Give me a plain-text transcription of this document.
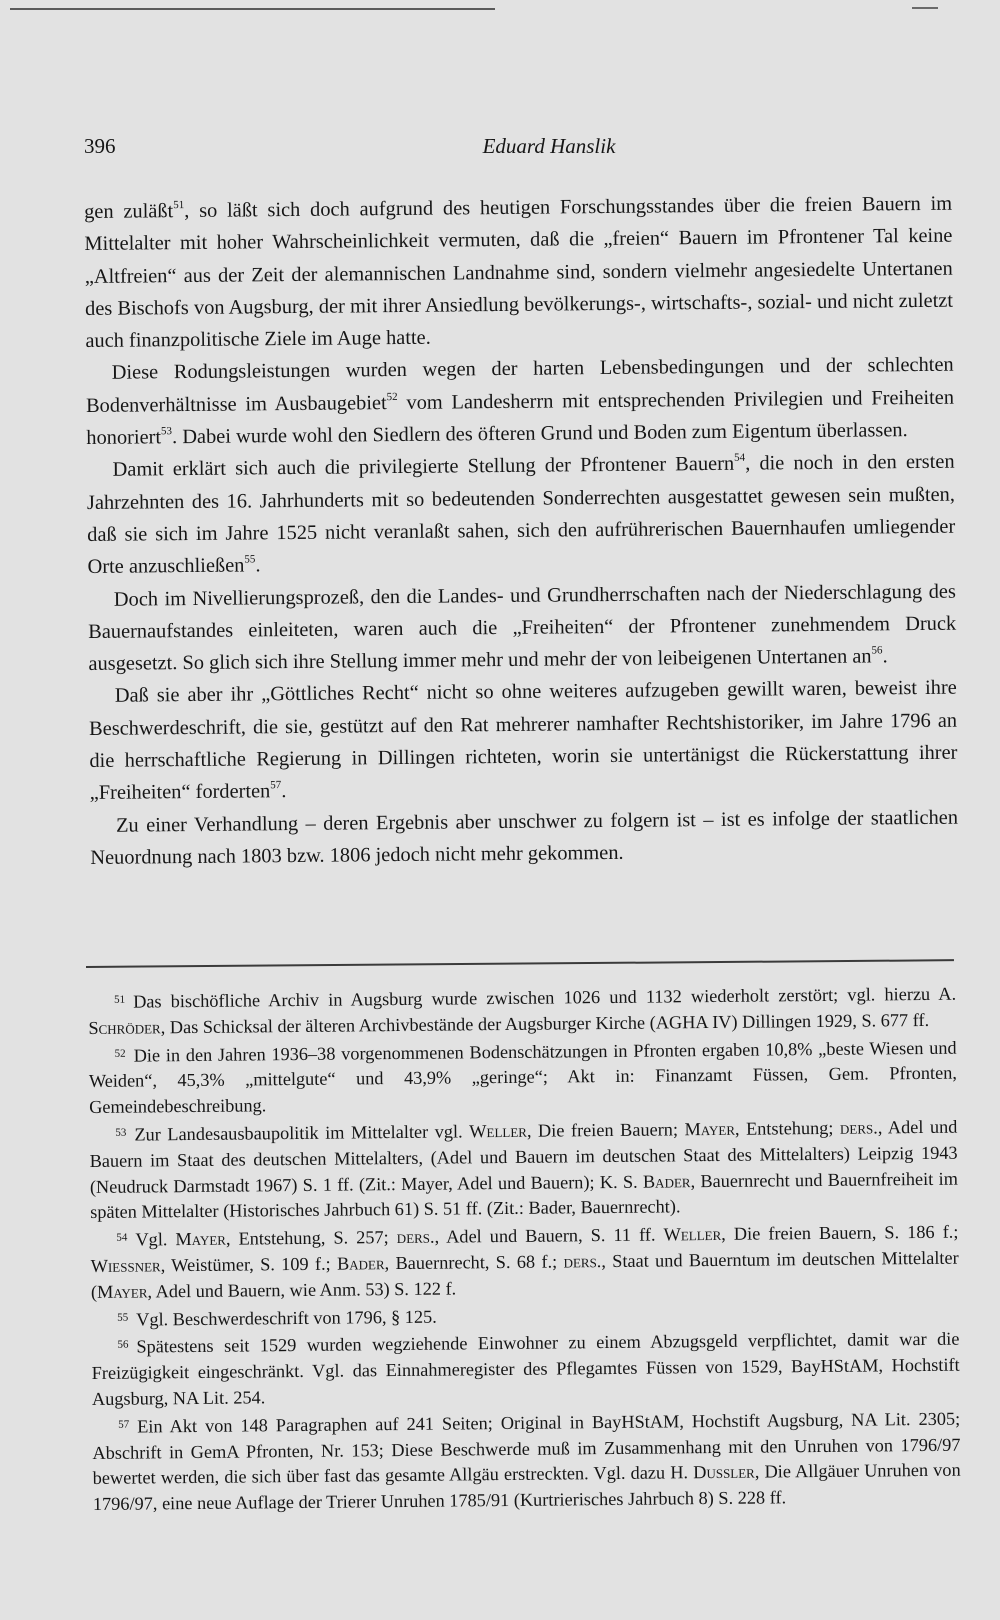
396	Eduard Hanslik

gen zuläßt$^{51}$, so läßt sich doch aufgrund des heutigen Forschungsstandes über die freien Bauern im Mittelalter mit hoher Wahrscheinlichkeit vermuten, daß die „freien“ Bauern im Pfrontener Tal keine „Altfreien“ aus der Zeit der alemannischen Landnahme sind, sondern vielmehr angesiedelte Untertanen des Bischofs von Augsburg, der mit ihrer Ansiedlung bevölkerungs-, wirtschafts-, sozial- und nicht zuletzt auch finanzpolitische Ziele im Auge hatte.

Diese Rodungsleistungen wurden wegen der harten Lebensbedingungen und der schlechten Bodenverhältnisse im Ausbaugebiet$^{52}$ vom Landesherrn mit entsprechenden Privilegien und Freiheiten honoriert$^{53}$. Dabei wurde wohl den Siedlern des öfteren Grund und Boden zum Eigentum überlassen.

Damit erklärt sich auch die privilegierte Stellung der Pfrontener Bauern$^{54}$, die noch in den ersten Jahrzehnten des 16. Jahrhunderts mit so bedeutenden Sonderrechten ausgestattet gewesen sein mußten, daß sie sich im Jahre 1525 nicht veranlaßt sahen, sich den aufrührerischen Bauernhaufen umliegender Orte anzuschließen$^{55}$.

Doch im Nivellierungsprozeß, den die Landes- und Grundherrschaften nach der Niederschlagung des Bauernaufstandes einleiteten, waren auch die „Freiheiten“ der Pfrontener zunehmendem Druck ausgesetzt. So glich sich ihre Stellung immer mehr und mehr der von leibeigenen Untertanen $an^{56}$.

Daß sie aber ihr „Göttliches Recht“ nicht so ohne weiteres aufzugeben gewillt waren, beweist ihre Beschwerdeschrift, die sie, gestützt auf den Rat mehrerer namhafter Rechtshistoriker, im Jahre 1796 an die herrschaftliche Regierung in Dillingen richteten, worin sie untertänigst die Rückerstattung ihrer „Freiheiten“ forderten$^{57}$.

Zu einer Verhandlung – deren Ergebnis aber unschwer zu folgern ist – ist es infolge der staatlichen Neuordnung nach 1803 bzw. 1806 jedoch nicht mehr gekommen.

$^{51}$ Das bischöfliche Archiv in Augsburg wurde zwischen 1026 und 1132 wiederholt zerstört; vgl. hierzu A. Schröder, Das Schicksal der älteren Archivbestände der Augsburger Kirche (AGHA IV) Dillingen 1929, S. 677 ff.

$^{52}$ Die in den Jahren 1936–38 vorgenommenen Bodenschätzungen in Pfronten ergaben 10,8% „beste Wiesen und Weiden“, 45,3% „mittelgute“ und 43,9% „geringe“; Akt in: Finanzamt Füssen, Gem. Pfronten, Gemeindebeschreibung.

$^{53}$ Zur Landesausbaupolitik im Mittelalter vgl. Weller, Die freien Bauern; Mayer, Entstehung; ders., Adel und Bauern im Staat des deutschen Mittelalters, (Adel und Bauern im deutschen Staat des Mittelalters) Leipzig 1943 (Neudruck Darmstadt 1967) S. 1 ff. (Zit.: Mayer, Adel und Bauern); K. S. Bader, Bauernrecht und Bauernfreiheit im späten Mittelalter (Historisches Jahrbuch 61) S. 51 ff. (Zit.: Bader, Bauernrecht).

$^{54}$ Vgl. Mayer, Entstehung, S. 257; ders., Adel und Bauern, S. 11 ff. Weller, Die freien Bauern, S. 186 f.; Wiessner, Weistümer, S. 109 f.; Bader, Bauernrecht, S. 68 f.; ders., Staat und Bauerntum im deutschen Mittelalter (Mayer, Adel und Bauern, wie Anm. 53) S. 122 f.

$^{55}$ Vgl. Beschwerdeschrift von 1796, § 125.

$^{56}$ Spätestens seit 1529 wurden wegziehende Einwohner zu einem Abzugsgeld verpflichtet, damit war die Freizügigkeit eingeschränkt. Vgl. das Einnahmeregister des Pflegamtes Füssen von 1529, BayHStAM, Hochstift Augsburg, NA Lit. 254.

$^{57}$ Ein Akt von 148 Paragraphen auf 241 Seiten; Original in BayHStAM, Hochstift Augsburg, NA Lit. 2305; Abschrift in GemA Pfronten, Nr. 153; Diese Beschwerde muß im Zusammenhang mit den Unruhen von 1796/97 bewertet werden, die sich über fast das gesamte Allgäu erstreckten. Vgl. dazu H. Dussler, Die Allgäuer Unruhen von 1796/97, eine neue Auflage der Trierer Unruhen 1785/91 (Kurtrierisches Jahrbuch 8) S. 228 ff.
